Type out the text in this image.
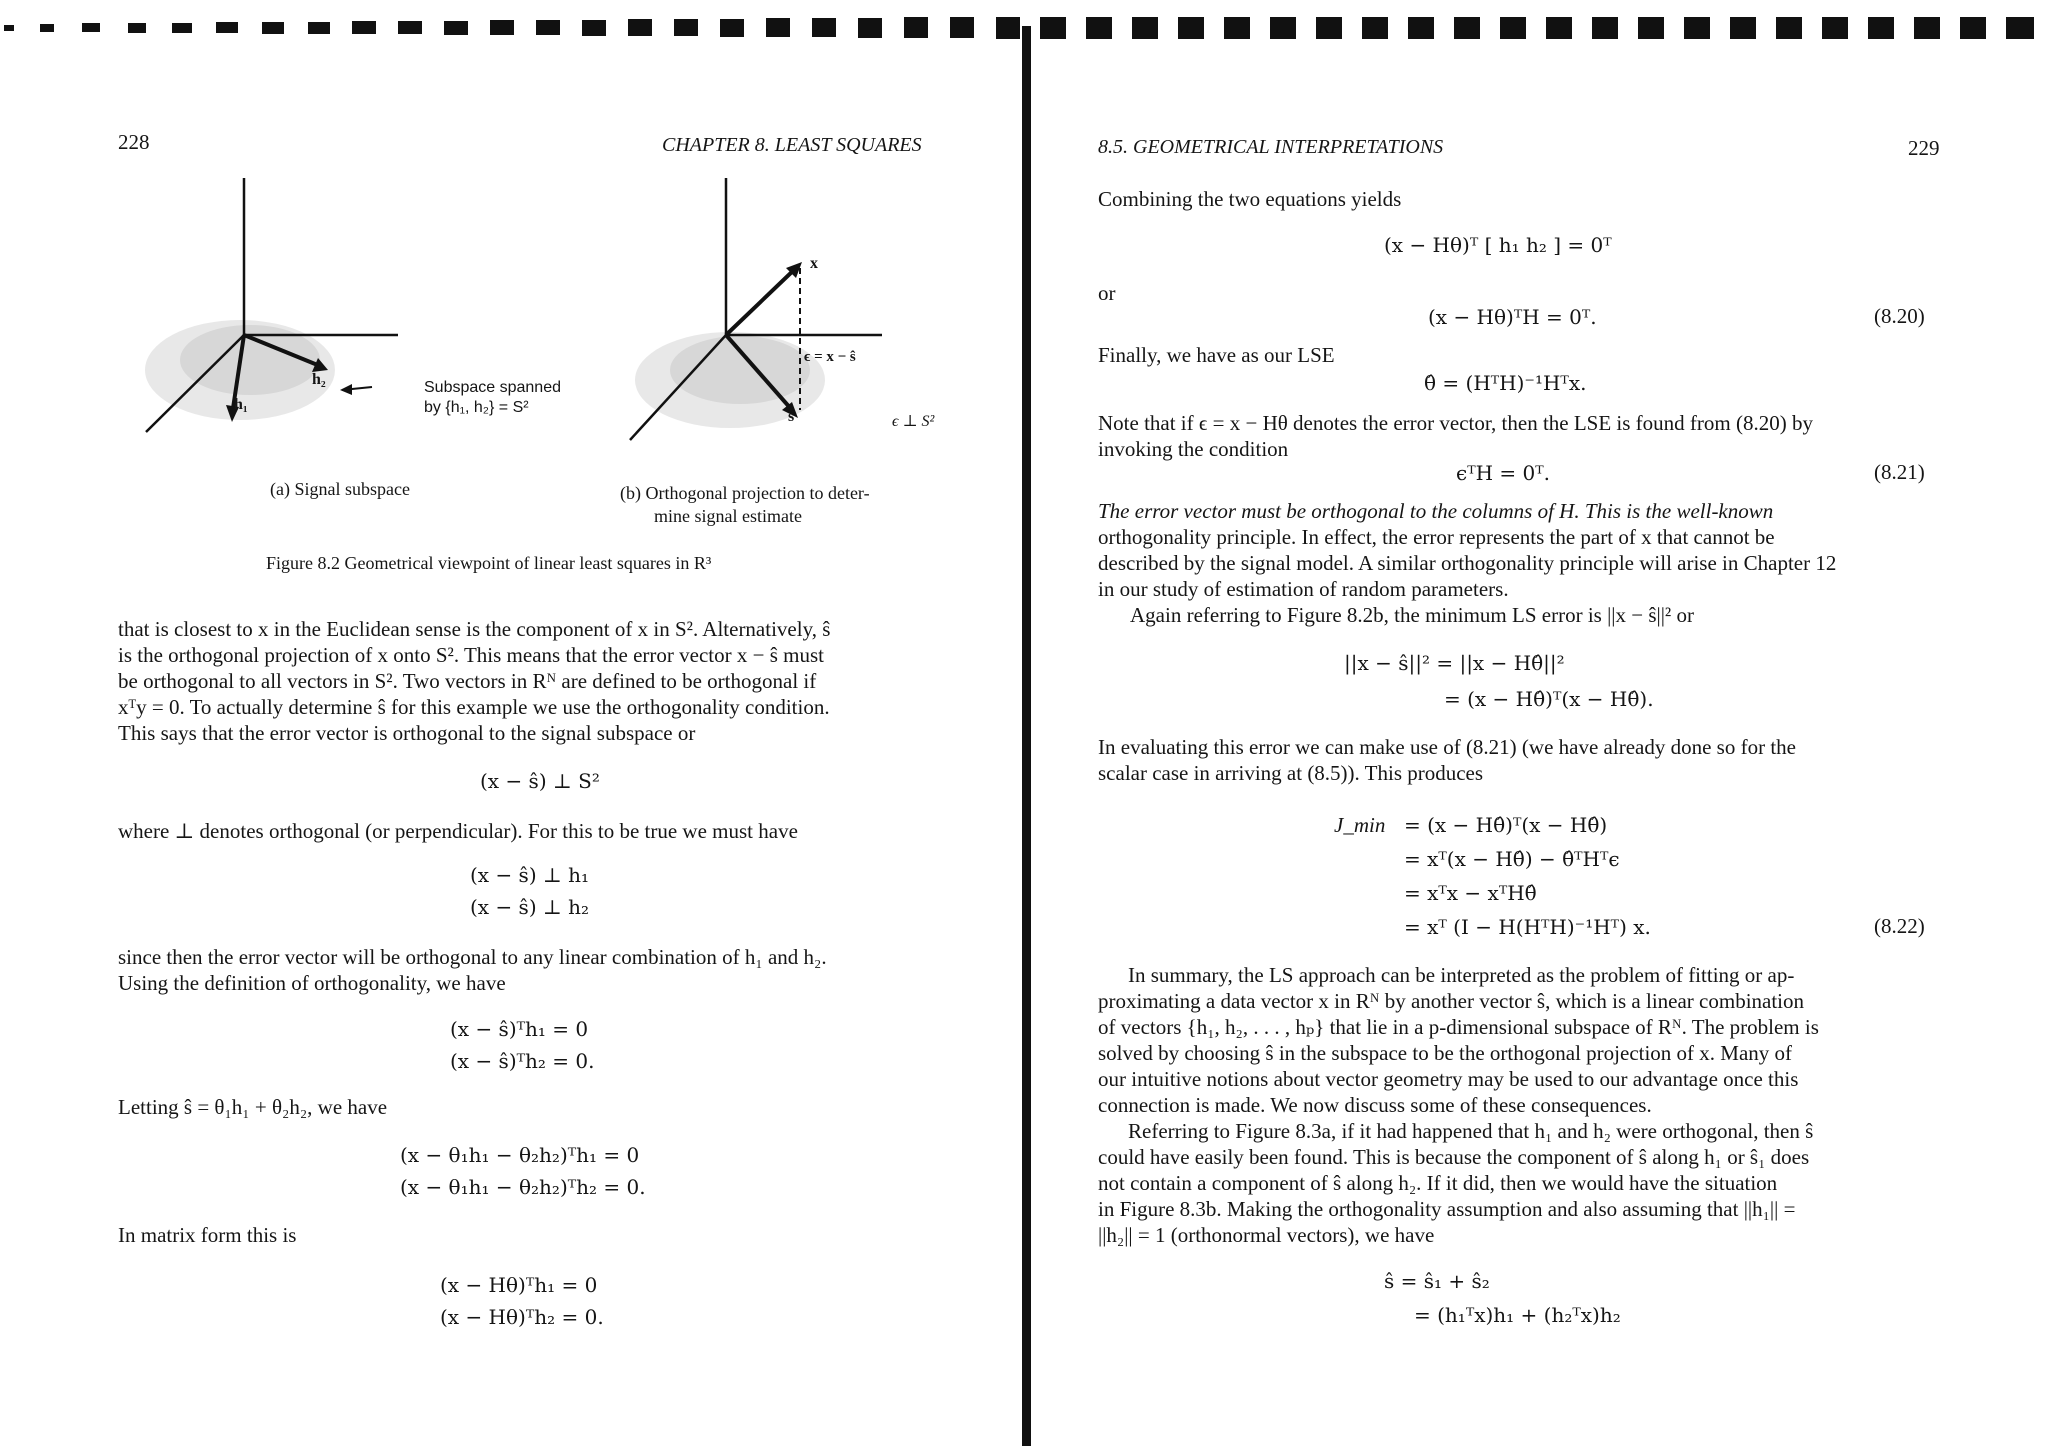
228	CHAPTER 8. LEAST SQUARES
h₁
h₂	Subspace spanned
by {h₁, h₂} = S²
(a) Signal subspace
x
ϵ = x − ŝ
ŝ	ϵ ⊥ S²
(b) Orthogonal projection to deter-
mine signal estimate
Figure 8.2 Geometrical viewpoint of linear least squares in R³
that is closest to x in the Euclidean sense is the component of x in S². Alternatively, ŝ
is the orthogonal projection of x onto S². This means that the error vector x − ŝ must
be orthogonal to all vectors in S². Two vectors in Rᴺ are defined to be orthogonal if
xᵀy = 0. To actually determine ŝ for this example we use the orthogonality condition.
This says that the error vector is orthogonal to the signal subspace or
(x − ŝ) ⊥ S²
where ⊥ denotes orthogonal (or perpendicular). For this to be true we must have
(x − ŝ) ⊥ h₁
(x − ŝ) ⊥ h₂
since then the error vector will be orthogonal to any linear combination of h₁ and h₂.
Using the definition of orthogonality, we have
(x − ŝ)ᵀh₁ = 0
(x − ŝ)ᵀh₂ = 0.
Letting ŝ = θ₁h₁ + θ₂h₂, we have
(x − θ₁h₁ − θ₂h₂)ᵀh₁ = 0
(x − θ₁h₁ − θ₂h₂)ᵀh₂ = 0.
In matrix form this is
(x − Hθ)ᵀh₁ = 0
(x − Hθ)ᵀh₂ = 0.
8.5. GEOMETRICAL INTERPRETATIONS	229
Combining the two equations yields
(x − Hθ)ᵀ [ h₁ h₂ ] = 0ᵀ
or
(x − Hθ)ᵀH = 0ᵀ.	(8.20)
Finally, we have as our LSE
θ̂ = (HᵀH)⁻¹Hᵀx.
Note that if ϵ = x − Hθ denotes the error vector, then the LSE is found from (8.20) by
invoking the condition
ϵᵀH = 0ᵀ.	(8.21)
The error vector must be orthogonal to the columns of H. This is the well-known
orthogonality principle. In effect, the error represents the part of x that cannot be
described by the signal model. A similar orthogonality principle will arise in Chapter 12
in our study of estimation of random parameters.
Again referring to Figure 8.2b, the minimum LS error is ||x − ŝ||² or
||x − ŝ||² = ||x − Hθ̂||²
= (x − Hθ̂)ᵀ(x − Hθ̂).
In evaluating this error we can make use of (8.21) (we have already done so for the
scalar case in arriving at (8.5)). This produces
J_min = (x − Hθ̂)ᵀ(x − Hθ̂)
= xᵀ(x − Hθ̂) − θ̂ᵀHᵀϵ
= xᵀx − xᵀHθ̂
= xᵀ (I − H(HᵀH)⁻¹Hᵀ) x.	(8.22)
In summary, the LS approach can be interpreted as the problem of fitting or ap-
proximating a data vector x in Rᴺ by another vector ŝ, which is a linear combination
of vectors {h₁, h₂, . . . , hₚ} that lie in a p-dimensional subspace of Rᴺ. The problem is
solved by choosing ŝ in the subspace to be the orthogonal projection of x. Many of
our intuitive notions about vector geometry may be used to our advantage once this
connection is made. We now discuss some of these consequences.
Referring to Figure 8.3a, if it had happened that h₁ and h₂ were orthogonal, then ŝ
could have easily been found. This is because the component of ŝ along h₁ or ŝ₁ does
not contain a component of ŝ along h₂. If it did, then we would have the situation
in Figure 8.3b. Making the orthogonality assumption and also assuming that ||h₁|| =
||h₂|| = 1 (orthonormal vectors), we have
ŝ = ŝ₁ + ŝ₂
= (h₁ᵀx)h₁ + (h₂ᵀx)h₂
